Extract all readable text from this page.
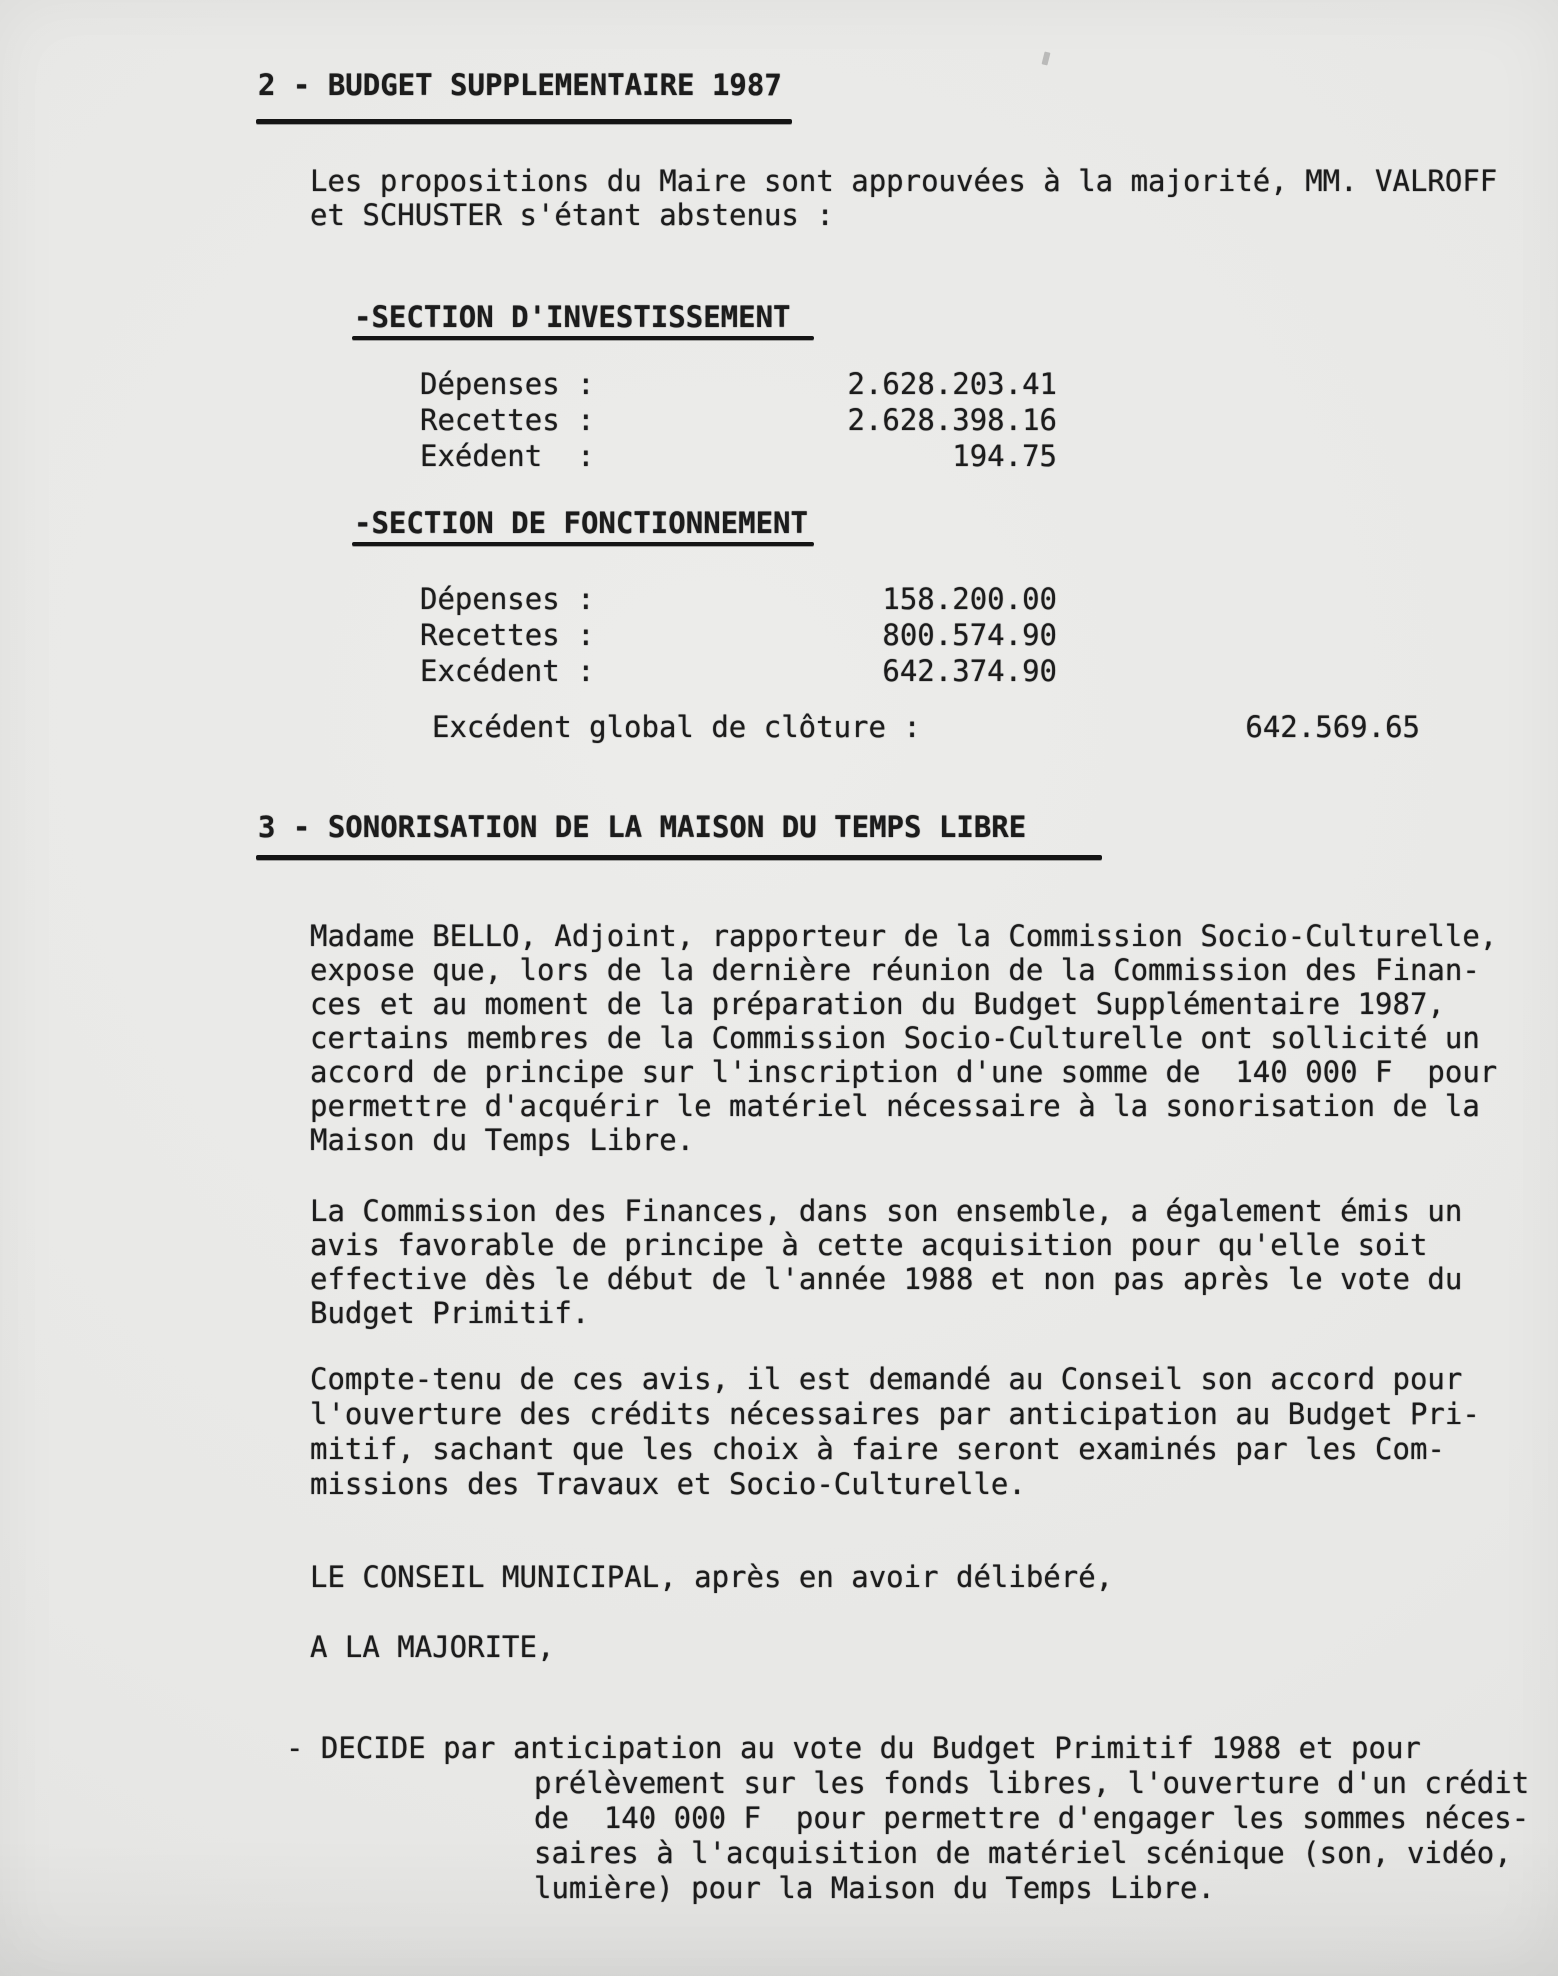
2 - BUDGET SUPPLEMENTAIRE 1987
Les propositions du Maire sont approuvées à la majorité, MM. VALROFF
et SCHUSTER s'étant abstenus :
-SECTION D'INVESTISSEMENT
Dépenses :	2.628.203.41
Recettes :	2.628.398.16
Exédent  :	194.75
-SECTION DE FONCTIONNEMENT
Dépenses :	158.200.00
Recettes :	800.574.90
Excédent :	642.374.90
Excédent global de clôture :	642.569.65
3 - SONORISATION DE LA MAISON DU TEMPS LIBRE
Madame BELLO, Adjoint, rapporteur de la Commission Socio-Culturelle,
expose que, lors de la dernière réunion de la Commission des Finan-
ces et au moment de la préparation du Budget Supplémentaire 1987,
certains membres de la Commission Socio-Culturelle ont sollicité un
accord de principe sur l'inscription d'une somme de  140 000 F  pour
permettre d'acquérir le matériel nécessaire à la sonorisation de la
Maison du Temps Libre.
La Commission des Finances, dans son ensemble, a également émis un
avis favorable de principe à cette acquisition pour qu'elle soit
effective dès le début de l'année 1988 et non pas après le vote du
Budget Primitif.
Compte-tenu de ces avis, il est demandé au Conseil son accord pour
l'ouverture des crédits nécessaires par anticipation au Budget Pri-
mitif, sachant que les choix à faire seront examinés par les Com-
missions des Travaux et Socio-Culturelle.
LE CONSEIL MUNICIPAL, après en avoir délibéré,
A LA MAJORITE,
- DECIDE par anticipation au vote du Budget Primitif 1988 et pour
prélèvement sur les fonds libres, l'ouverture d'un crédit
de  140 000 F  pour permettre d'engager les sommes néces-
saires à l'acquisition de matériel scénique (son, vidéo,
lumière) pour la Maison du Temps Libre.
